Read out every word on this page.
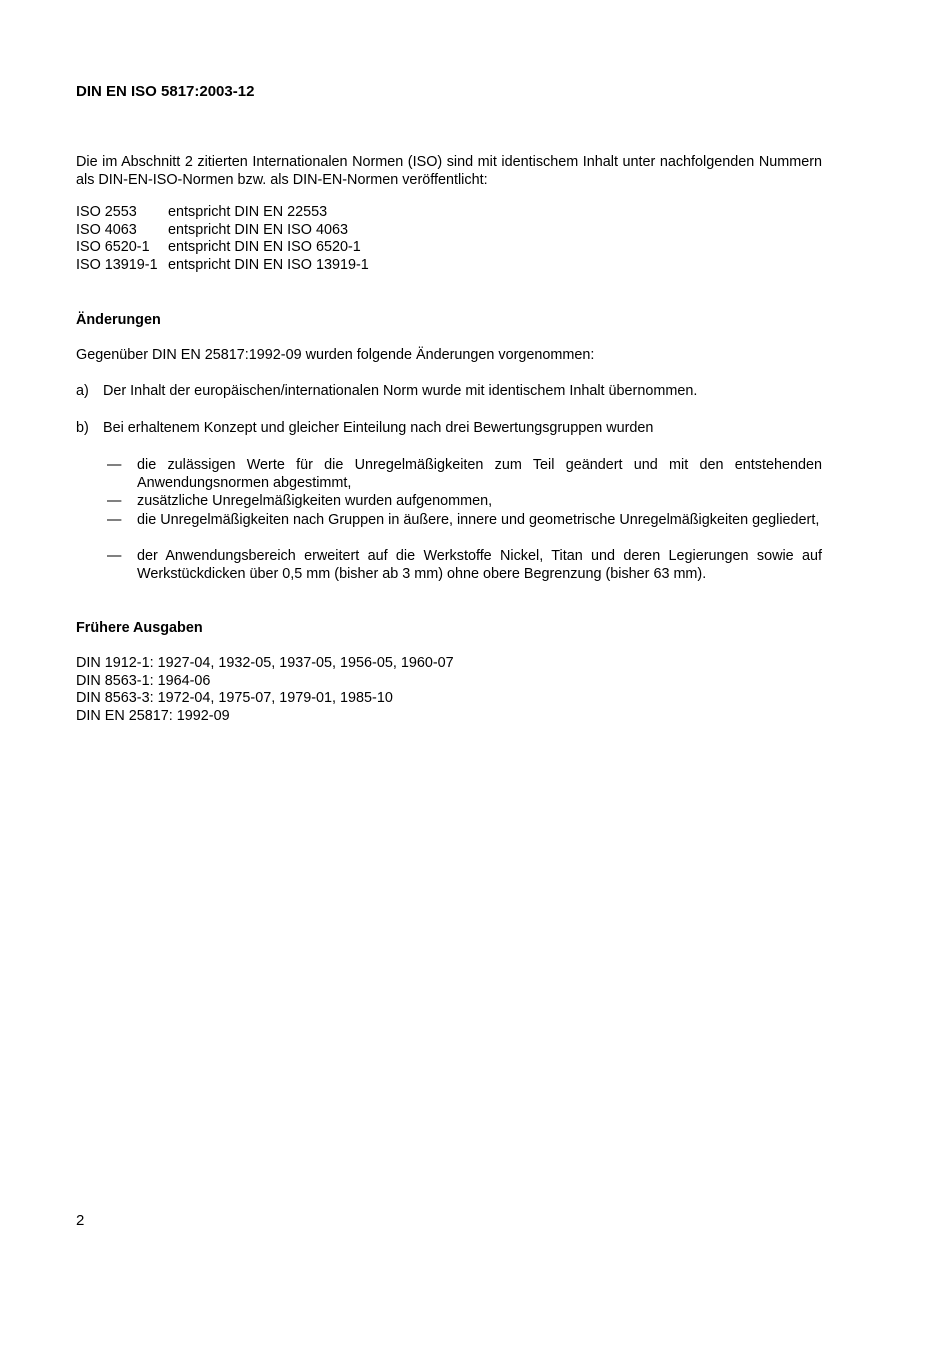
DIN EN ISO 5817:2003-12

Die im Abschnitt 2 zitierten Internationalen Normen (ISO) sind mit identischem Inhalt unter nachfolgenden Nummern als DIN-EN-ISO-Normen bzw. als DIN-EN-Normen veröffentlicht:

ISO 2553	entspricht DIN EN 22553
ISO 4063	entspricht DIN EN ISO 4063
ISO 6520-1	entspricht DIN EN ISO 6520-1
ISO 13919-1	entspricht DIN EN ISO 13919-1
Änderungen
Gegenüber DIN EN 25817:1992-09 wurden folgende Änderungen vorgenommen:
a) Der Inhalt der europäischen/internationalen Norm wurde mit identischem Inhalt übernommen.
b) Bei erhaltenem Konzept und gleicher Einteilung nach drei Bewertungsgruppen wurden
— die zulässigen Werte für die Unregelmäßigkeiten zum Teil geändert und mit den entstehenden Anwendungsnormen abgestimmt,
— zusätzliche Unregelmäßigkeiten wurden aufgenommen,
— die Unregelmäßigkeiten nach Gruppen in äußere, innere und geometrische Unregelmäßigkeiten gegliedert,
— der Anwendungsbereich erweitert auf die Werkstoffe Nickel, Titan und deren Legierungen sowie auf Werkstückdicken über 0,5 mm (bisher ab 3 mm) ohne obere Begrenzung (bisher 63 mm).
Frühere Ausgaben
DIN 1912-1: 1927-04, 1932-05, 1937-05, 1956-05, 1960-07
DIN 8563-1: 1964-06
DIN 8563-3: 1972-04, 1975-07, 1979-01, 1985-10
DIN EN 25817: 1992-09
2
